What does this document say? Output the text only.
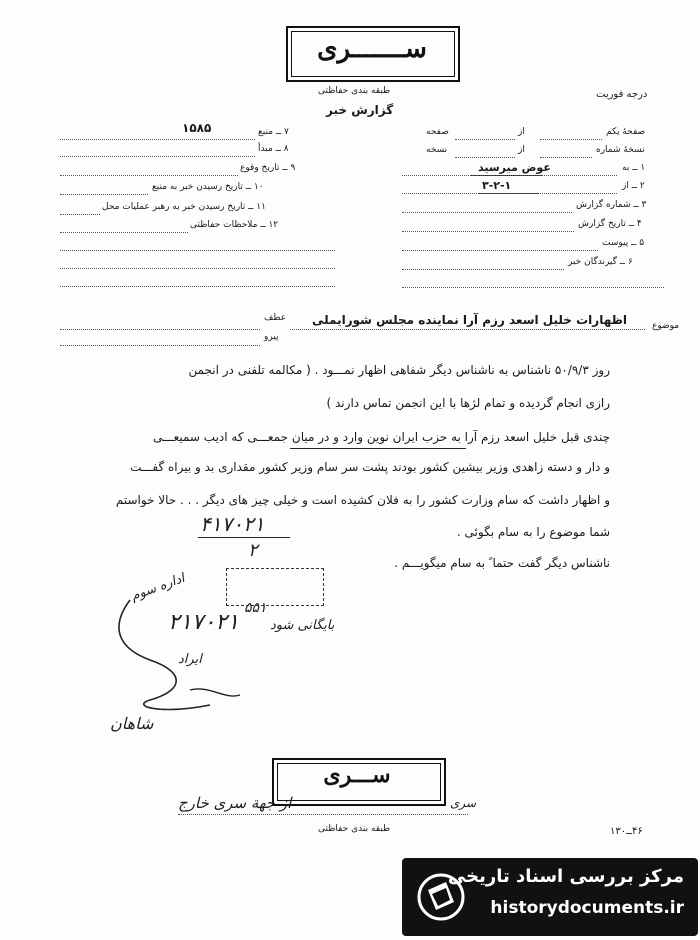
ســـــــری
طبقه بندی حفاظتی	درجه فوریت
گزارش خبر
۷ ــ منبع
۱۵۸۵
۸ ــ مبدأ
۹ ــ تاریخ وقوع
۱۰ ــ تاریخ رسیدن خبر به منبع
۱۱ ــ تاریخ رسیدن خبر به رهبر عملیات محل
۱۲ ــ ملاحظات حفاظتی
صفحهٔ یکم
از
صفحه
نسخهٔ شماره
از
نسخه
۱ ــ به
عوض میرسید
۲ ــ از
۳-۲-۱
۳ ــ شماره گزارش
۴ ــ تاریخ گزارش
۵ ــ پیوست
۶ ــ گیرندگان خبر
موضوع
اظهارات خلیل اسعد رزم آرا نماینده مجلس شورایملی
عطف
پیرو
روز ۵۰/۹/۳ ناشناس به ناشناس دیگر شفاهی اظهار نمـــود . ( مکالمه تلفنی در انجمن
رازی انجام گردیده و تمام لژها با این انجمن تماس دارند )
چندی قبل خلیل اسعد رزم آرا به حزب ایران نوین وارد و در میان جمعـــی که ادیب سمیعـــی
و دار و دسته زاهدی وزیر بیشین کشور بودند پشت سر سام وزیر کشور مقداری بد و بیراه گفـــت
و اظهار داشت که سام وزارت کشور را به فلان کشیده است و خیلی چیز های دیگر . . . حالا خواستم
شما موضوع را به سام بگوئی .
ناشناس دیگر گفت حتما ً به سام میگویـــم .
۴۱۷۰۲۱
۲
۲۱۷۰۲۱
۵۵۱
بایگانی شود
اداره سوم
ایراد
شاهان
سری
ســـری
از جهة سری خارج
طبقه بندی حفاظتی	۴۶ــ۱۳۰
مرکز بررسی اسناد تاریخی
historydocuments.ir
